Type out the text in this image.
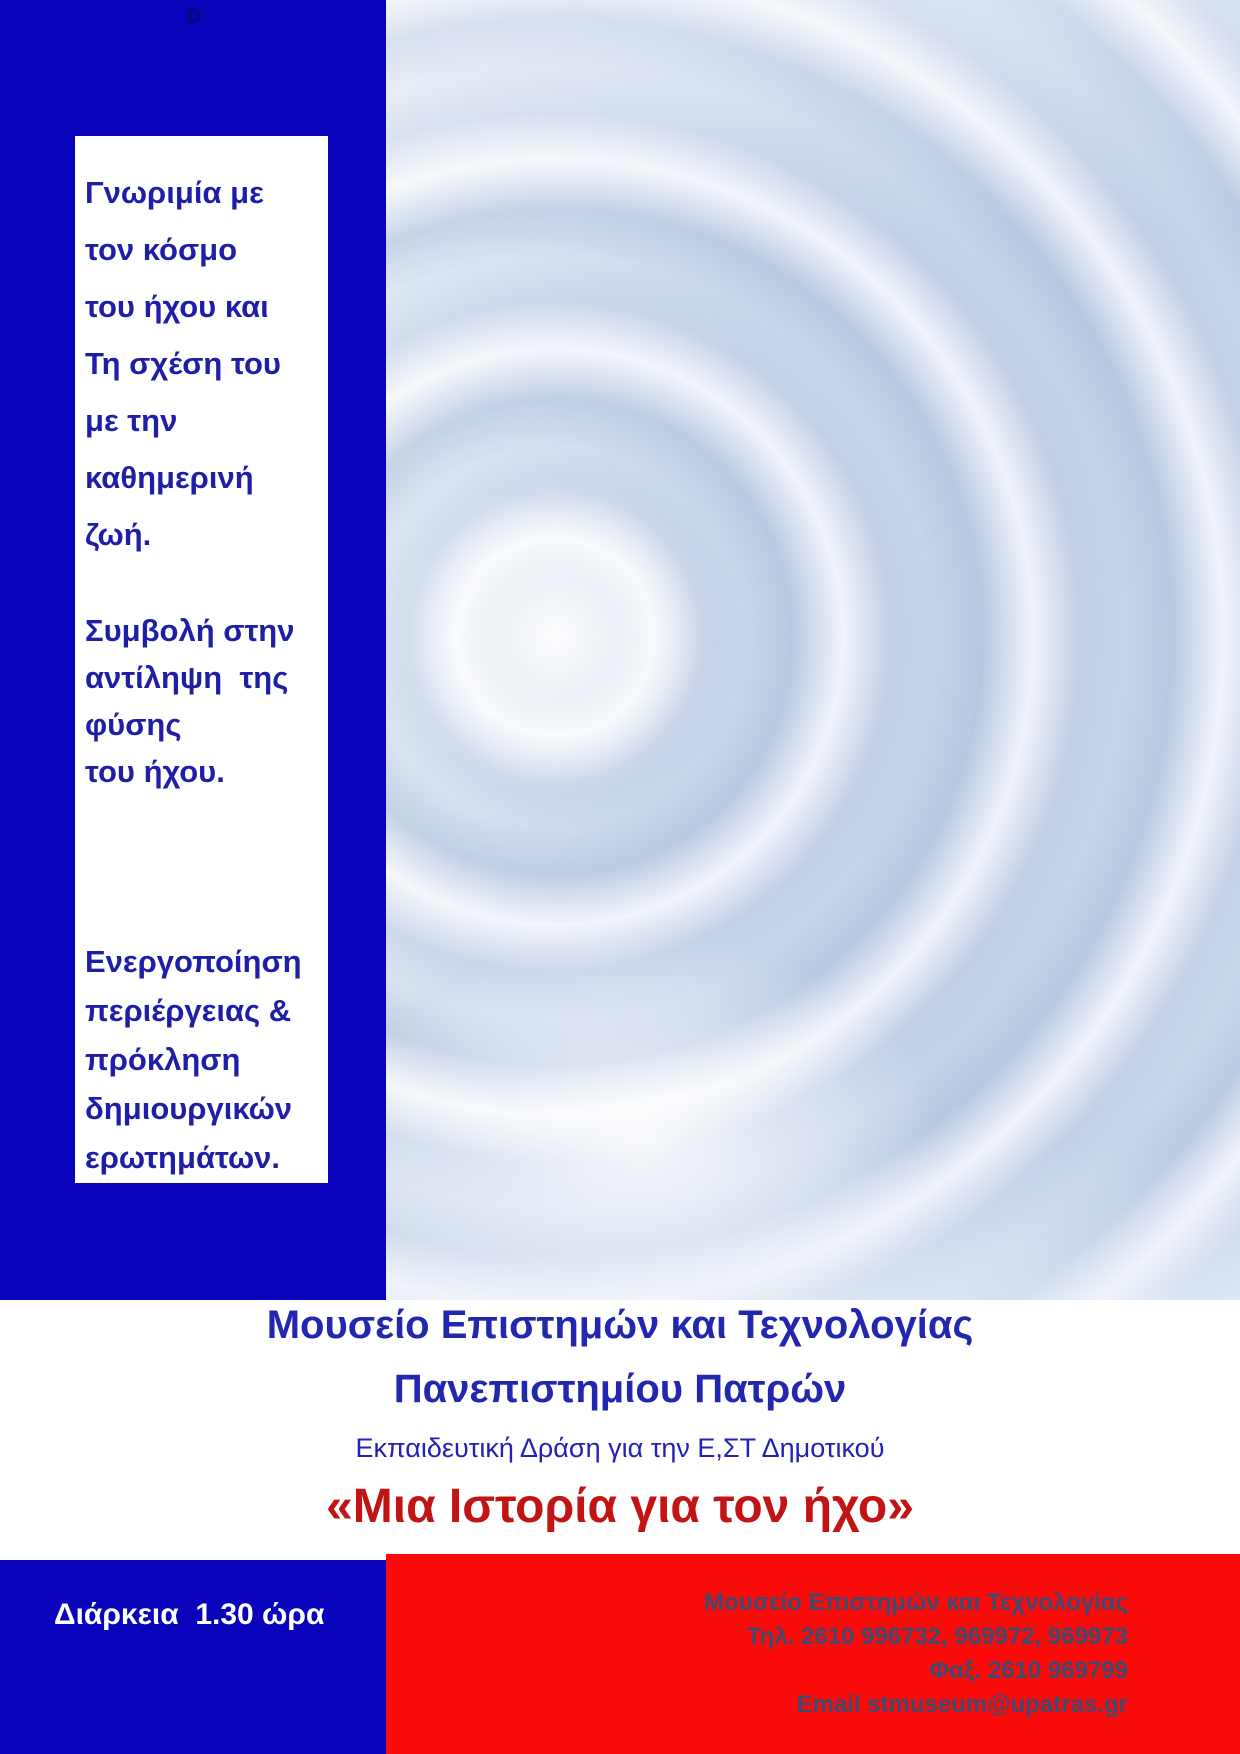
D
Γνωριμία με
τον κόσμο
του ήχου και
Τη σχέση του
με την
καθημερινή
ζωή.
Συμβολή στην
αντίληψη  της
φύσης
του ήχου.
Ενεργοποίηση
περιέργειας &
πρόκληση
δημιουργικών
ερωτημάτων.
Μουσείο Επιστημών και Τεχνολογίας
Πανεπιστημίου Πατρών
Εκπαιδευτική Δράση για την Ε,ΣΤ Δημοτικού
«Μια Ιστορία για τον ήχο»
Διάρκεια  1.30 ώρα	Μουσείο Επιστημών και Τεχνολογίας
Τηλ. 2610 996732, 969972, 969973
Φαξ. 2610 969799
Email stmuseum@upatras.gr
